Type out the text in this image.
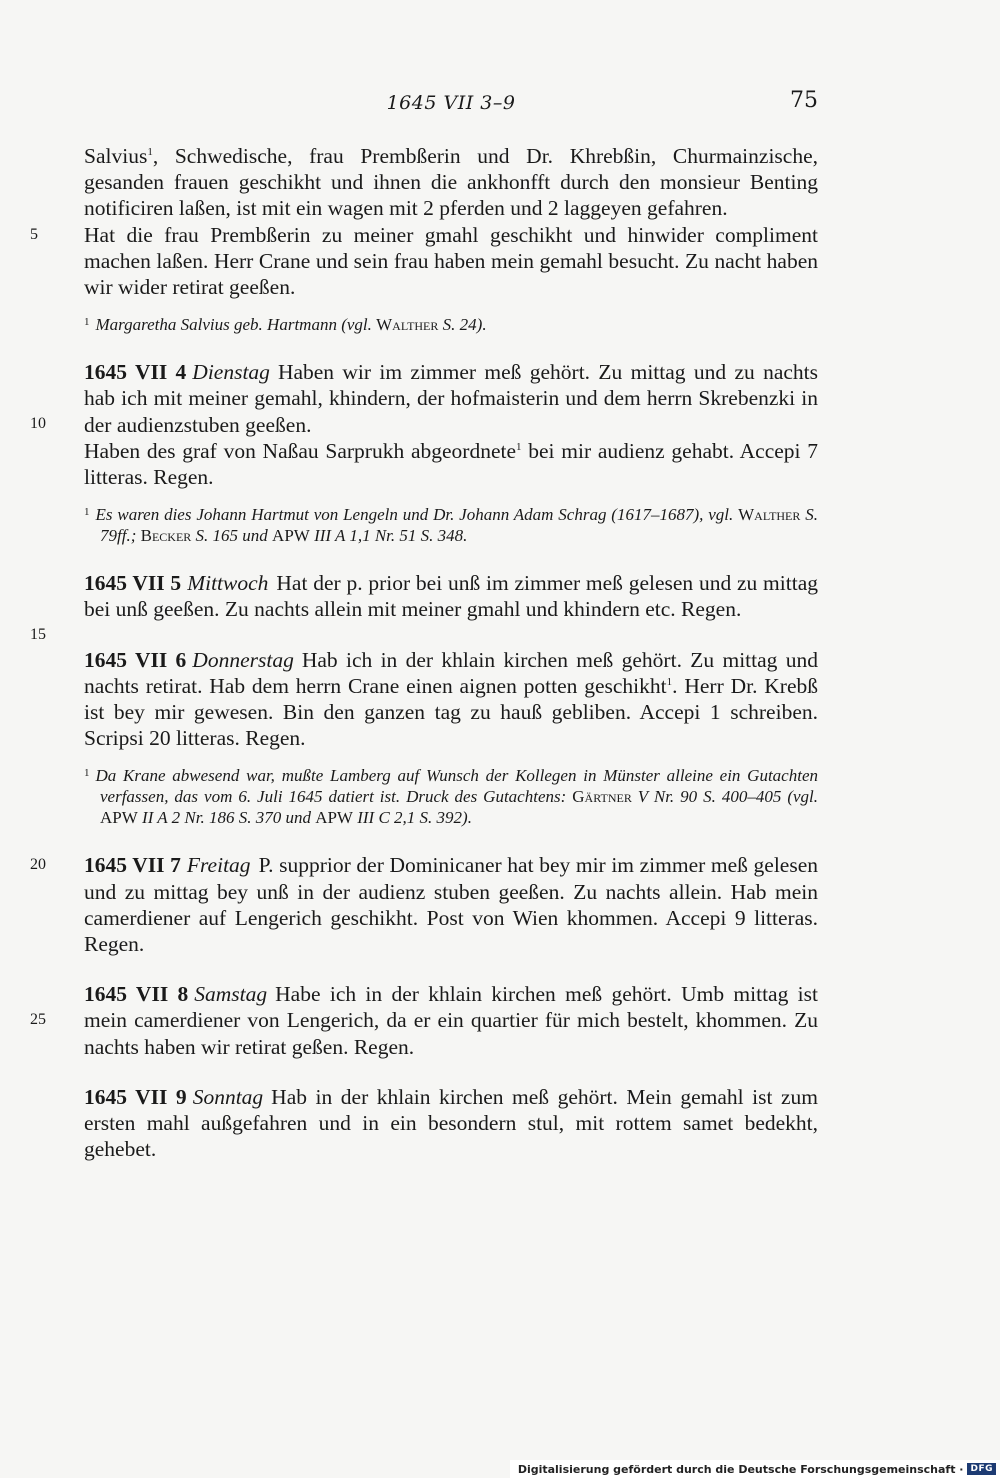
1645 VII 3–9	75

Salvius$^1$, Schwedische, frau Prembßerin und Dr. Khrebßin, Churmainzische, gesanden frauen geschikht und ihnen die ankhonfft durch den monsieur Benting notificiren laßen, ist mit ein wagen mit 2 pferden und 2 laggeyen gefahren.

5	Hat die frau Prembßerin zu meiner gmahl geschikht und hinwider compliment machen laßen. Herr Crane und sein frau haben mein gemahl besucht. Zu nacht haben wir wider retirat geeßen.

$^1$ Margaretha Salvius geb. Hartmann (vgl. Walther S. 24).

10
1645 VII 4 Dienstag Haben wir im zimmer meß gehört. Zu mittag und zu nachts hab ich mit meiner gemahl, khindern, der hofmaisterin und dem herrn Skrebenzki in der audienzstuben geeßen.

Haben des graf von Naßau Sarprukh abgeordnete$^1$ bei mir audienz gehabt. Accepi 7 litteras. Regen.

$^1$ Es waren dies Johann Hartmut von Lengeln und Dr. Johann Adam Schrag (1617–1687), vgl. Walther S. 79ff.; Becker S. 165 und APW III A 1,1 Nr. 51 S. 348.

15
1645 VII 5 Mittwoch Hat der p. prior bei unß im zimmer meß gelesen und zu mittag bei unß geeßen. Zu nachts allein mit meiner gmahl und khindern etc. Regen.

1645 VII 6 Donnerstag Hab ich in der khlain kirchen meß gehört. Zu mittag und nachts retirat. Hab dem herrn Crane einen aignen potten geschikht$^1$. Herr Dr. Krebß ist bey mir gewesen. Bin den ganzen tag zu hauß gebliben. Accepi 1 schreiben. Scripsi 20 litteras. Regen.

$^1$ Da Krane abwesend war, mußte Lamberg auf Wunsch der Kollegen in Münster alleine ein Gutachten verfassen, das vom 6. Juli 1645 datiert ist. Druck des Gutachtens: Gärtner V Nr. 90 S. 400–405 (vgl. APW II A 2 Nr. 186 S. 370 und APW III C 2,1 S. 392).

20	1645 VII 7 Freitag P. supprior der Dominicaner hat bey mir im zimmer meß gelesen und zu mittag bey unß in der audienz stuben geeßen. Zu nachts allein. Hab mein camerdiener auf Lengerich geschikht. Post von Wien khommen. Accepi 9 litteras. Regen.

25
1645 VII 8 Samstag Habe ich in der khlain kirchen meß gehört. Umb mittag ist mein camerdiener von Lengerich, da er ein quartier für mich bestelt, khommen. Zu nachts haben wir retirat geßen. Regen.

1645 VII 9 Sonntag Hab in der khlain kirchen meß gehört. Mein gemahl ist zum ersten mahl außgefahren und in ein besondern stul, mit rottem samet bedekht, gehebet.

Digitalisierung gefördert durch die Deutsche Forschungsgemeinschaft · DFG
